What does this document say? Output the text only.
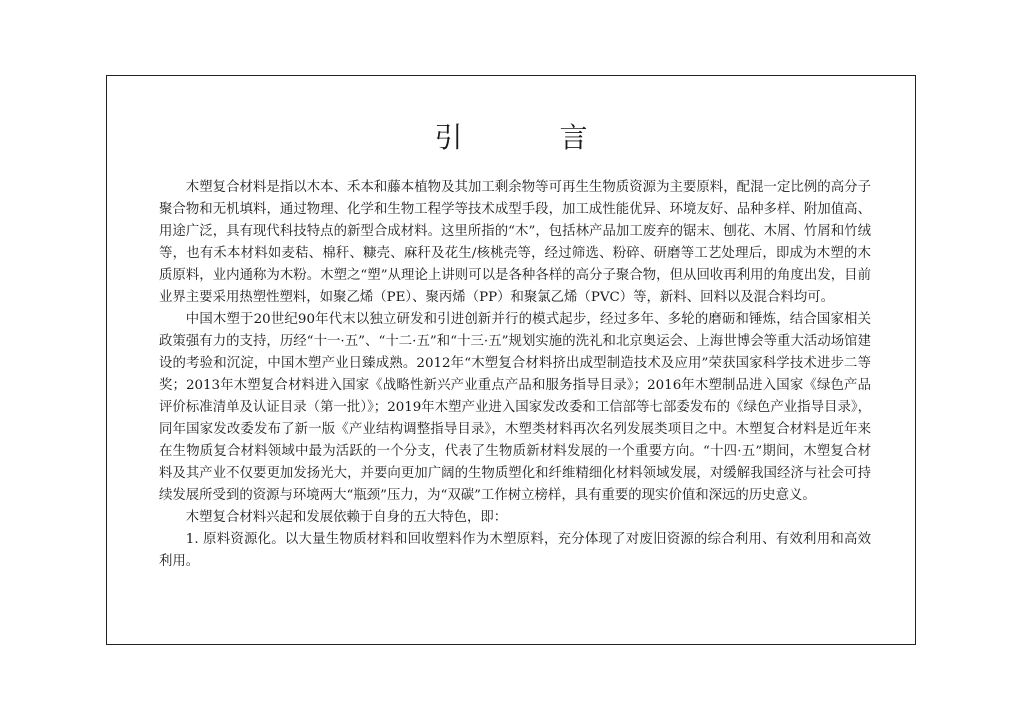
引 言

木塑复合材料是指以木本、禾本和藤本植物及其加工剩余物等可再生生物质资源为主要原料，配混一定比例的高分子聚合物和无机填料，通过物理、化学和生物工程学等技术成型手段，加工成性能优异、环境友好、品种多样、附加值高、用途广泛，具有现代科技特点的新型合成材料。这里所指的“木”，包括林产品加工废弃的锯末、刨花、木屑、竹屑和竹绒等，也有禾本材料如麦秸、棉秆、糠壳、麻秆及花生/核桃壳等，经过筛选、粉碎、研磨等工艺处理后，即成为木塑的木质原料，业内通称为木粉。木塑之“塑”从理论上讲则可以是各种各样的高分子聚合物，但从回收再利用的角度出发，目前业界主要采用热塑性塑料，如聚乙烯（PE）、聚丙烯（PP）和聚氯乙烯（PVC）等，新料、回料以及混合料均可。

中国木塑于20世纪90年代末以独立研发和引进创新并行的模式起步，经过多年、多轮的磨砺和锤炼，结合国家相关政策强有力的支持，历经“十一·五”、“十二·五”和“十三·五”规划实施的洗礼和北京奥运会、上海世博会等重大活动场馆建设的考验和沉淀，中国木塑产业日臻成熟。2012年“木塑复合材料挤出成型制造技术及应用”荣获国家科学技术进步二等奖；2013年木塑复合材料进入国家《战略性新兴产业重点产品和服务指导目录》；2016年木塑制品进入国家《绿色产品评价标准清单及认证目录（第一批）》；2019年木塑产业进入国家发改委和工信部等七部委发布的《绿色产业指导目录》，同年国家发改委发布了新一版《产业结构调整指导目录》，木塑类材料再次名列发展类项目之中。木塑复合材料是近年来在生物质复合材料领域中最为活跃的一个分支，代表了生物质新材料发展的一个重要方向。“十四·五”期间，木塑复合材料及其产业不仅要更加发扬光大，并要向更加广阔的生物质塑化和纤维精细化材料领域发展，对缓解我国经济与社会可持续发展所受到的资源与环境两大“瓶颈”压力，为“双碳”工作树立榜样，具有重要的现实价值和深远的历史意义。

木塑复合材料兴起和发展依赖于自身的五大特色，即：

1. 原料资源化。以大量生物质材料和回收塑料作为木塑原料，充分体现了对废旧资源的综合利用、有效利用和高效利用。
